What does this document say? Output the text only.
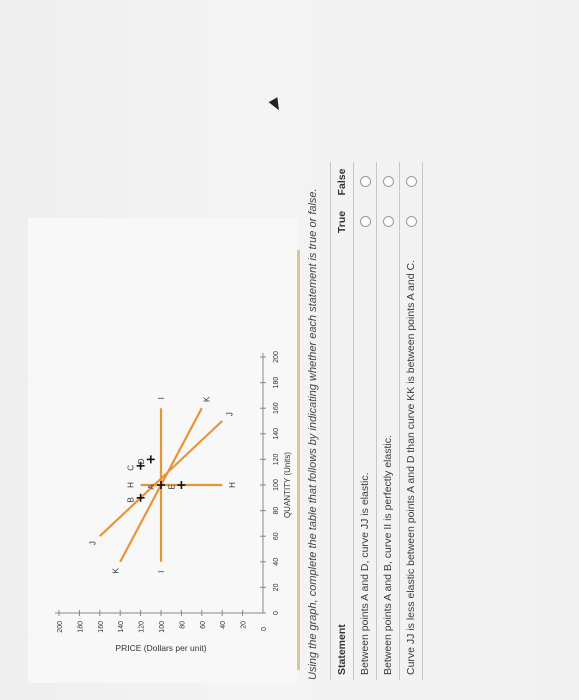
0
20
40
60
80
100
120
140
160
180
200
20
40
60
80
100
120
140
160
180
200	0
PRICE (Dollars per unit)
QUANTITY (Units)
H
H
I
I
J
J
K
K
A
B
C
D
E	Using the graph, complete the table that follows by indicating whether each statement is true or false. Statement	True	False
Between points A and D, curve JJ is elastic.		
Between points A and B, curve II is perfectly elastic.		
Curve JJ is less elastic between points A and D than curve KK is between points A and C.		
